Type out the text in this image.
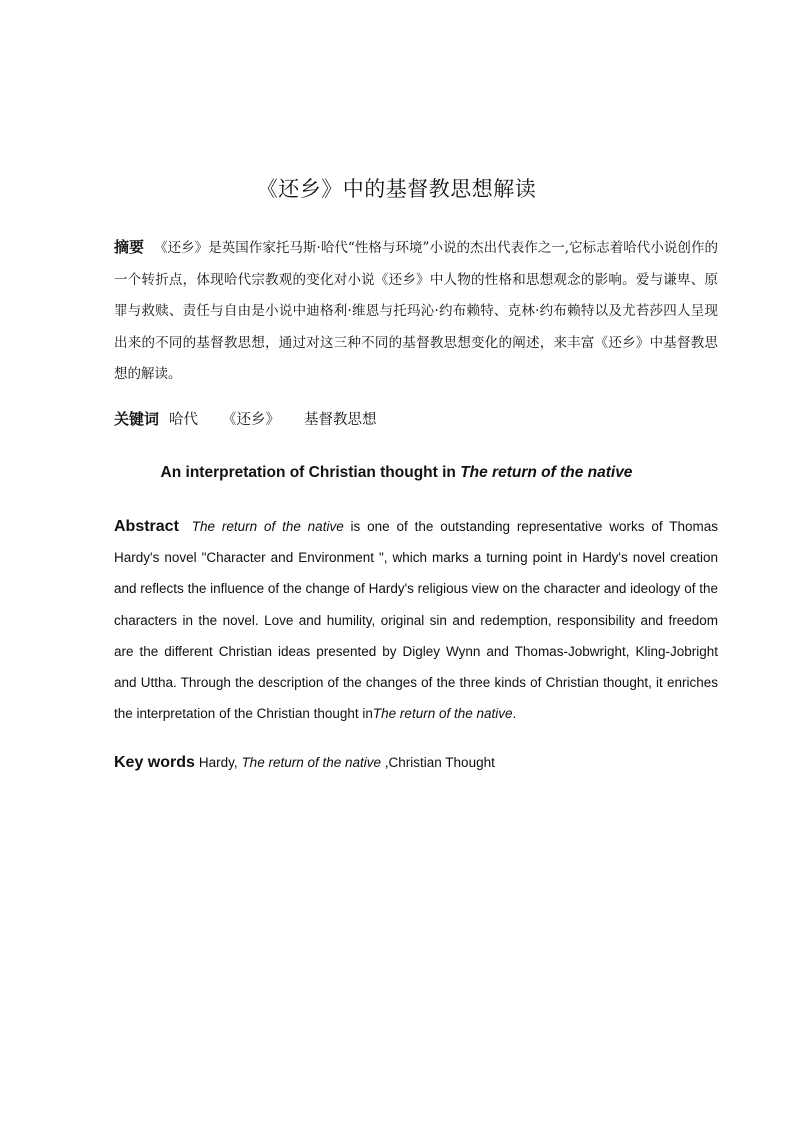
《还乡》中的基督教思想解读
摘要 《还乡》是英国作家托马斯·哈代“性格与环境”小说的杰出代表作之一,它标志着哈代小说创作的一个转折点，体现哈代宗教观的变化对小说《还乡》中人物的性格和思想观念的影响。爱与谦卑、原罪与救赎、责任与自由是小说中迪格利·维恩与托玛沁·约布赖特、克林·约布赖特以及尤苔莎四人呈现出来的不同的基督教思想，通过对这三种不同的基督教思想变化的阐述，来丰富《还乡》中基督教思想的解读。
关键词 哈代 《还乡》 基督教思想
An interpretation of Christian thought in The return of the native
Abstract The return of the native is one of the outstanding representative works of Thomas Hardy's novel "Character and Environment ", which marks a turning point in Hardy's novel creation and reflects the influence of the change of Hardy's religious view on the character and ideology of the characters in the novel. Love and humility, original sin and redemption, responsibility and freedom are the different Christian ideas presented by Digley Wynn and Thomas-Jobwright, Kling-Jobright and Uttha. Through the description of the changes of the three kinds of Christian thought, it enriches the interpretation of the Christian thought inThe return of the native.
Key words Hardy, The return of the native ,Christian Thought
